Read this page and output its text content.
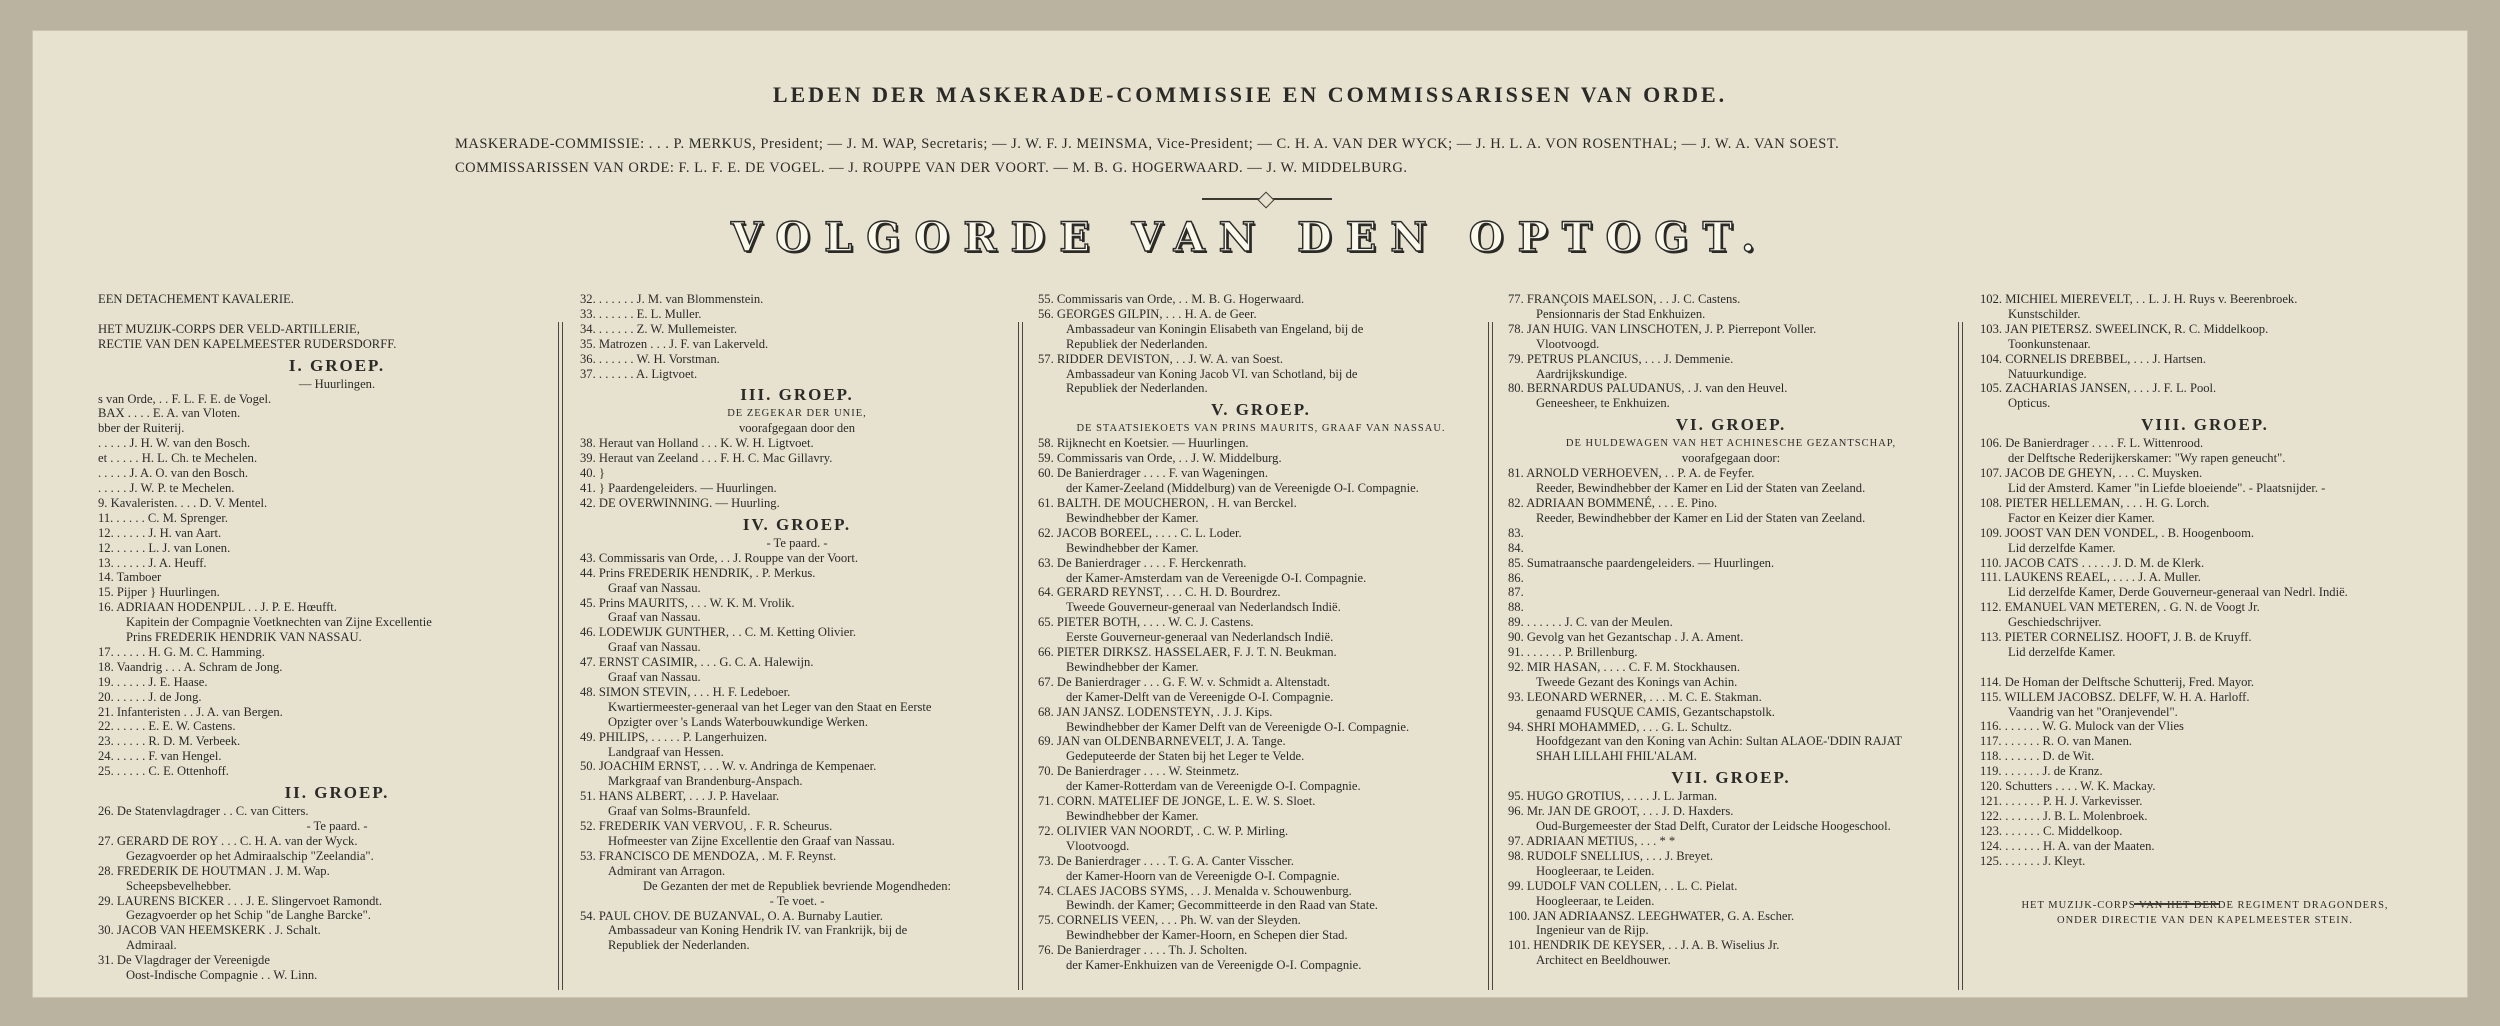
LEDEN DER MASKERADE-COMMISSIE EN COMMISSARISSEN VAN ORDE.
MASKERADE-COMMISSIE: . . . P. MERKUS, President; — J. M. WAP, Secretaris; — J. W. F. J. MEINSMA, Vice-President; — C. H. A. VAN DER WYCK; — J. H. L. A. VON ROSENTHAL; — J. W. A. VAN SOEST.
COMMISSARISSEN VAN ORDE: F. L. F. E. DE VOGEL. — J. ROUPPE VAN DER VOORT. — M. B. G. HOGERWAARD. — J. W. MIDDELBURG.
VOLGORDE VAN DEN OPTOGT.
EEN DETACHEMENT KAVALERIE.

HET MUZIJK-CORPS DER VELD-ARTILLERIE,
RECTIE VAN DEN KAPELMEESTER RUDERSDORFF.
I. GROEP.
— Huurlingen.
s van Orde, . . F. L. F. E. de Vogel.
BAX . . . . E. A. van Vloten.
bber der Ruiterij.
. . . . . J. H. W. van den Bosch.
et . . . . . H. L. Ch. te Mechelen.
. . . . . J. A. O. van den Bosch.
. . . . . J. W. P. te Mechelen.
9. Kavaleristen. . . . D. V. Mentel.
11. . . . . . C. M. Sprenger.
12. . . . . . J. H. van Aart.
12. . . . . . L. J. van Lonen.
13. . . . . . J. A. Heuff.
14. Tamboer
15. Pijper } Huurlingen.
16. ADRIAAN HODENPIJL . . J. P. E. Hœufft.
Kapitein der Compagnie Voetknechten van Zijne Excellentie
Prins FREDERIK HENDRIK VAN NASSAU.
17. . . . . . H. G. M. C. Hamming.
18. Vaandrig . . . A. Schram de Jong.
19. . . . . . J. E. Haase.
20. . . . . . J. de Jong.
21. Infanteristen . . J. A. van Bergen.
22. . . . . . E. E. W. Castens.
23. . . . . . R. D. M. Verbeek.
24. . . . . . F. van Hengel.
25. . . . . . C. E. Ottenhoff.
II. GROEP.
26. De Statenvlagdrager . . C. van Citters.
- Te paard. -
27. GERARD DE ROY . . . C. H. A. van der Wyck.
Gezagvoerder op het Admiraalschip "Zeelandia".
28. FREDERIK DE HOUTMAN . J. M. Wap.
Scheepsbevelhebber.
29. LAURENS BICKER . . . J. E. Slingervoet Ramondt.
Gezagvoerder op het Schip "de Langhe Barcke".
30. JACOB VAN HEEMSKERK . J. Schalt.
Admiraal.
31. De Vlagdrager der Vereenigde
Oost-Indische Compagnie . . W. Linn.
32. . . . . . . J. M. van Blommenstein.
33. . . . . . . E. L. Muller.
34. . . . . . . Z. W. Mullemeister.
35. Matrozen . . . J. F. van Lakerveld.
36. . . . . . . W. H. Vorstman.
37. . . . . . . A. Ligtvoet.
III. GROEP.
DE ZEGEKAR DER UNIE,
voorafgegaan door den
38. Heraut van Holland . . . K. W. H. Ligtvoet.
39. Heraut van Zeeland . . . F. H. C. Mac Gillavry.
40. }
41. } Paardengeleiders. — Huurlingen.
42. DE OVERWINNING. — Huurling.
IV. GROEP.
- Te paard. -
43. Commissaris van Orde, . . J. Rouppe van der Voort.
44. Prins FREDERIK HENDRIK, . P. Merkus.
Graaf van Nassau.
45. Prins MAURITS, . . . W. K. M. Vrolik.
Graaf van Nassau.
46. LODEWIJK GUNTHER, . . C. M. Ketting Olivier.
Graaf van Nassau.
47. ERNST CASIMIR, . . . G. C. A. Halewijn.
Graaf van Nassau.
48. SIMON STEVIN, . . . H. F. Ledeboer.
Kwartiermeester-generaal van het Leger van den Staat en Eerste
Opzigter over 's Lands Waterbouwkundige Werken.
49. PHILIPS, . . . . . P. Langerhuizen.
Landgraaf van Hessen.
50. JOACHIM ERNST, . . . W. v. Andringa de Kempenaer.
Markgraaf van Brandenburg-Anspach.
51. HANS ALBERT, . . . J. P. Havelaar.
Graaf van Solms-Braunfeld.
52. FREDERIK VAN VERVOU, . F. R. Scheurus.
Hofmeester van Zijne Excellentie den Graaf van Nassau.
53. FRANCISCO DE MENDOZA, . M. F. Reynst.
Admirant van Arragon.
De Gezanten der met de Republiek bevriende Mogendheden:
- Te voet. -
54. PAUL CHOV. DE BUZANVAL, O. A. Burnaby Lautier.
Ambassadeur van Koning Hendrik IV. van Frankrijk, bij de
Republiek der Nederlanden.
55. Commissaris van Orde, . . M. B. G. Hogerwaard.
56. GEORGES GILPIN, . . . H. A. de Geer.
Ambassadeur van Koningin Elisabeth van Engeland, bij de
Republiek der Nederlanden.
57. RIDDER DEVISTON, . . J. W. A. van Soest.
Ambassadeur van Koning Jacob VI. van Schotland, bij de
Republiek der Nederlanden.
V. GROEP.
DE STAATSIEKOETS VAN PRINS MAURITS, GRAAF VAN NASSAU.
58. Rijknecht en Koetsier. — Huurlingen.
59. Commissaris van Orde, . . J. W. Middelburg.
60. De Banierdrager . . . . F. van Wageningen.
der Kamer-Zeeland (Middelburg) van de Vereenigde O-I. Compagnie.
61. BALTH. DE MOUCHERON, . H. van Berckel.
Bewindhebber der Kamer.
62. JACOB BOREEL, . . . . C. L. Loder.
Bewindhebber der Kamer.
63. De Banierdrager . . . . F. Herckenrath.
der Kamer-Amsterdam van de Vereenigde O-I. Compagnie.
64. GERARD REYNST, . . . C. H. D. Bourdrez.
Tweede Gouverneur-generaal van Nederlandsch Indië.
65. PIETER BOTH, . . . . W. C. J. Castens.
Eerste Gouverneur-generaal van Nederlandsch Indië.
66. PIETER DIRKSZ. HASSELAER, F. J. T. N. Beukman.
Bewindhebber der Kamer.
67. De Banierdrager . . . G. F. W. v. Schmidt a. Altenstadt.
der Kamer-Delft van de Vereenigde O-I. Compagnie.
68. JAN JANSZ. LODENSTEYN, . J. J. Kips.
Bewindhebber der Kamer Delft van de Vereenigde O-I. Compagnie.
69. JAN van OLDENBARNEVELT, J. A. Tange.
Gedeputeerde der Staten bij het Leger te Velde.
70. De Banierdrager . . . . W. Steinmetz.
der Kamer-Rotterdam van de Vereenigde O-I. Compagnie.
71. CORN. MATELIEF DE JONGE, L. E. W. S. Sloet.
Bewindhebber der Kamer.
72. OLIVIER VAN NOORDT, . C. W. P. Mirling.
Vlootvoogd.
73. De Banierdrager . . . . T. G. A. Canter Visscher.
der Kamer-Hoorn van de Vereenigde O-I. Compagnie.
74. CLAES JACOBS SYMS, . . J. Menalda v. Schouwenburg.
Bewindh. der Kamer; Gecommitteerde in den Raad van State.
75. CORNELIS VEEN, . . . Ph. W. van der Sleyden.
Bewindhebber der Kamer-Hoorn, en Schepen dier Stad.
76. De Banierdrager . . . . Th. J. Scholten.
der Kamer-Enkhuizen van de Vereenigde O-I. Compagnie.
77. FRANÇOIS MAELSON, . . J. C. Castens.
Pensionnaris der Stad Enkhuizen.
78. JAN HUIG. VAN LINSCHOTEN, J. P. Pierrepont Voller.
Vlootvoogd.
79. PETRUS PLANCIUS, . . . J. Demmenie.
Aardrijkskundige.
80. BERNARDUS PALUDANUS, . J. van den Heuvel.
Geneesheer, te Enkhuizen.
VI. GROEP.
DE HULDEWAGEN VAN HET ACHINESCHE GEZANTSCHAP,
voorafgegaan door:
81. ARNOLD VERHOEVEN, . . P. A. de Feyfer.
Reeder, Bewindhebber der Kamer en Lid der Staten van Zeeland.
82. ADRIAAN BOMMENÉ, . . . E. Pino.
Reeder, Bewindhebber der Kamer en Lid der Staten van Zeeland.
83.
84.
85. Sumatraansche paardengeleiders. — Huurlingen.
86.
87.
88.
89. . . . . . . J. C. van der Meulen.
90. Gevolg van het Gezantschap . J. A. Ament.
91. . . . . . . P. Brillenburg.
92. MIR HASAN, . . . . C. F. M. Stockhausen.
Tweede Gezant des Konings van Achin.
93. LEONARD WERNER, . . . M. C. E. Stakman.
genaamd FUSQUE CAMIS, Gezantschapstolk.
94. SHRI MOHAMMED, . . . G. L. Schultz.
Hoofdgezant van den Koning van Achin: Sultan ALAOE-'DDIN RAJAT
SHAH LILLAHI FHIL'ALAM.
VII. GROEP.
95. HUGO GROTIUS, . . . . J. L. Jarman.
96. Mr. JAN DE GROOT, . . . J. D. Haxders.
Oud-Burgemeester der Stad Delft, Curator der Leidsche Hoogeschool.
97. ADRIAAN METIUS, . . . * *
98. RUDOLF SNELLIUS, . . . J. Breyet.
Hoogleeraar, te Leiden.
99. LUDOLF VAN COLLEN, . . L. C. Pielat.
Hoogleeraar, te Leiden.
100. JAN ADRIAANSZ. LEEGHWATER, G. A. Escher.
Ingenieur van de Rijp.
101. HENDRIK DE KEYSER, . . J. A. B. Wiselius Jr.
Architect en Beeldhouwer.
102. MICHIEL MIEREVELT, . . L. J. H. Ruys v. Beerenbroek.
Kunstschilder.
103. JAN PIETERSZ. SWEELINCK, R. C. Middelkoop.
Toonkunstenaar.
104. CORNELIS DREBBEL, . . . J. Hartsen.
Natuurkundige.
105. ZACHARIAS JANSEN, . . . J. F. L. Pool.
Opticus.
VIII. GROEP.
106. De Banierdrager . . . . F. L. Wittenrood.
der Delftsche Rederijkerskamer: "Wy rapen geneucht".
107. JACOB DE GHEYN, . . . C. Muysken.
Lid der Amsterd. Kamer "in Liefde bloeiende". - Plaatsnijder. -
108. PIETER HELLEMAN, . . . H. G. Lorch.
Factor en Keizer dier Kamer.
109. JOOST VAN DEN VONDEL, . B. Hoogenboom.
Lid derzelfde Kamer.
110. JACOB CATS . . . . . J. D. M. de Klerk.
111. LAUKENS REAEL, . . . . J. A. Muller.
Lid derzelfde Kamer, Derde Gouverneur-generaal van Nedrl. Indië.
112. EMANUEL VAN METEREN, . G. N. de Voogt Jr.
Geschiedschrijver.
113. PIETER CORNELISZ. HOOFT, J. B. de Kruyff.
Lid derzelfde Kamer.

114. De Homan der Delftsche Schutterij, Fred. Mayor.
115. WILLEM JACOBSZ. DELFF, W. H. A. Harloff.
Vaandrig van het "Oranjevendel".
116. . . . . . . W. G. Mulock van der Vlies
117. . . . . . . R. O. van Manen.
118. . . . . . . D. de Wit.
119. . . . . . . J. de Kranz.
120. Schutters . . . . W. K. Mackay.
121. . . . . . . P. H. J. Varkevisser.
122. . . . . . . J. B. L. Molenbroek.
123. . . . . . . C. Middelkoop.
124. . . . . . . H. A. van der Maaten.
125. . . . . . . J. Kleyt.

HET MUZIJK-CORPS VAN HET DERDE REGIMENT DRAGONDERS,
ONDER DIRECTIE VAN DEN KAPELMEESTER STEIN.
